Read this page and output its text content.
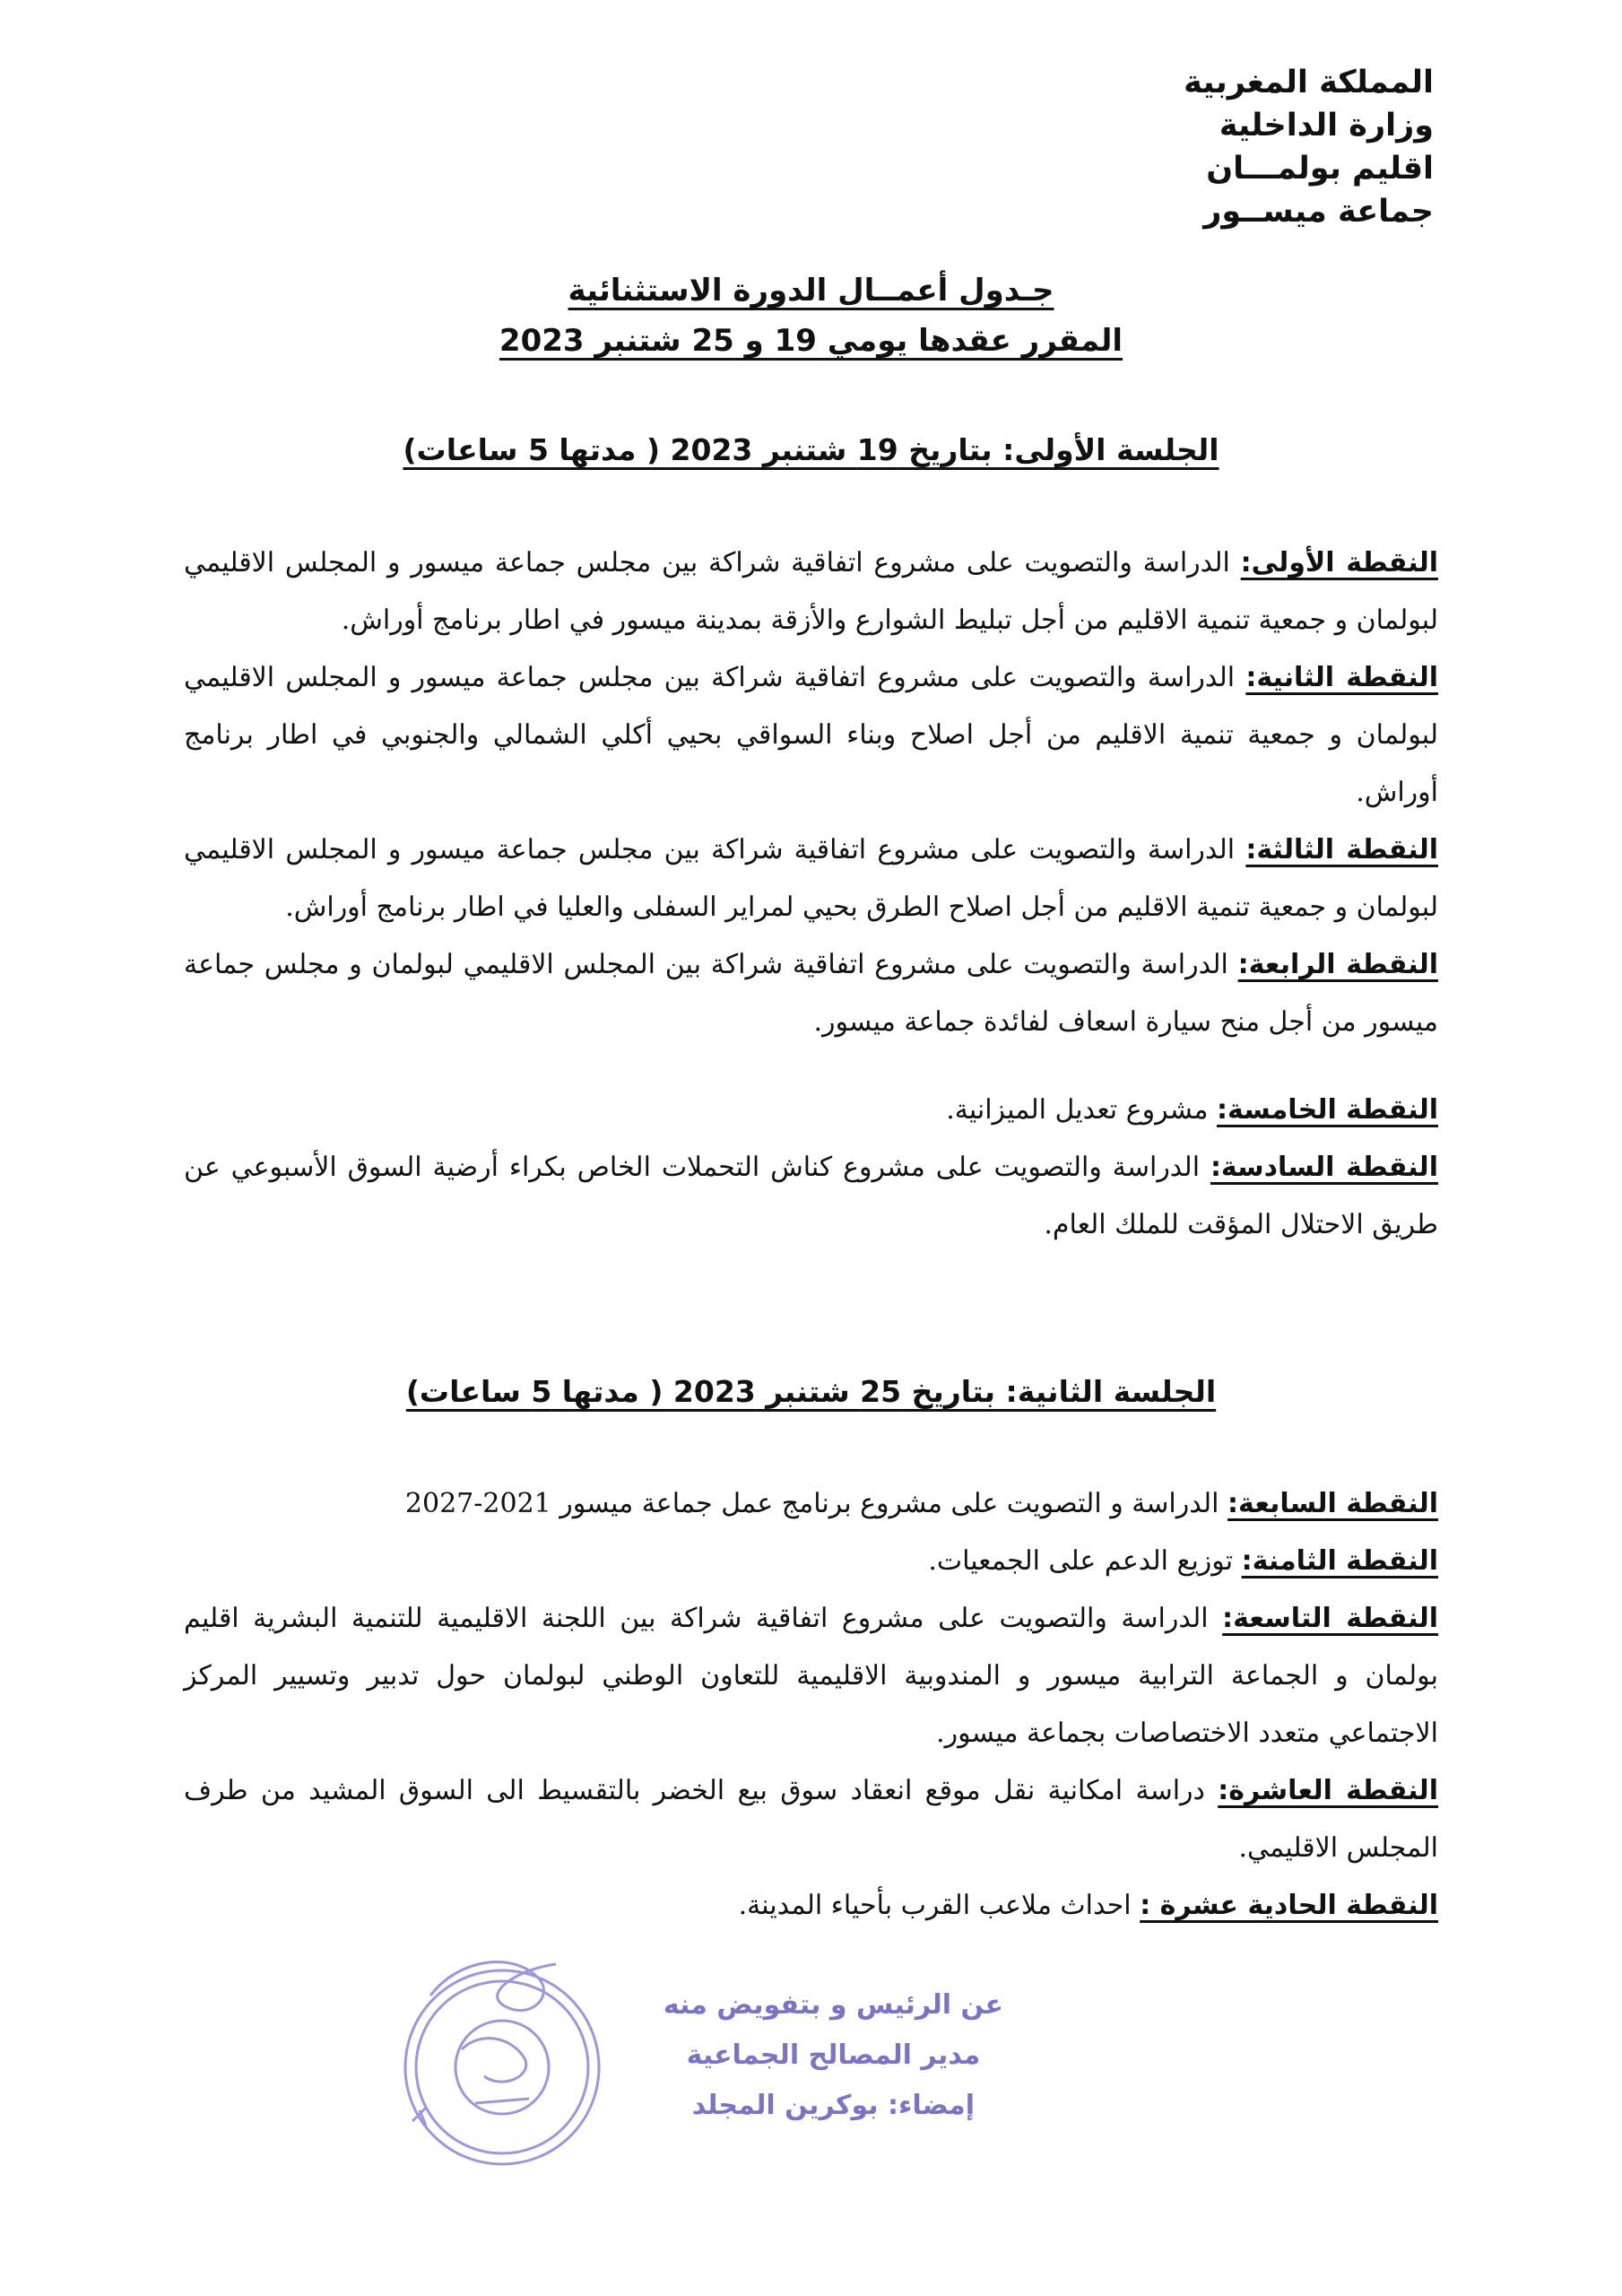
المملكة المغربية
وزارة الداخلية
اقليم بولمـــان
جماعة ميســور
جـدول أعمــال الدورة الاستثنائية
المقرر عقدها يومي 19 و 25 شتنبر 2023
الجلسة الأولى: بتاريخ 19 شتنبر 2023 ( مدتها 5 ساعات)

النقطة الأولى: الدراسة والتصويت على مشروع اتفاقية شراكة بين مجلس جماعة ميسور و المجلس الاقليمي لبولمان و جمعية تنمية الاقليم من أجل تبليط الشوارع والأزقة بمدينة ميسور في اطار برنامج أوراش.

النقطة الثانية: الدراسة والتصويت على مشروع اتفاقية شراكة بين مجلس جماعة ميسور و المجلس الاقليمي لبولمان و جمعية تنمية الاقليم من أجل اصلاح وبناء السواقي بحيي أكلي الشمالي والجنوبي في اطار برنامج أوراش.

النقطة الثالثة: الدراسة والتصويت على مشروع اتفاقية شراكة بين مجلس جماعة ميسور و المجلس الاقليمي لبولمان و جمعية تنمية الاقليم من أجل اصلاح الطرق بحيي لمراير السفلى والعليا في اطار برنامج أوراش.

النقطة الرابعة: الدراسة والتصويت على مشروع اتفاقية شراكة بين المجلس الاقليمي لبولمان و مجلس جماعة ميسور من أجل منح سيارة اسعاف لفائدة جماعة ميسور.

النقطة الخامسة: مشروع تعديل الميزانية.

النقطة السادسة: الدراسة والتصويت على مشروع كناش التحملات الخاص بكراء أرضية السوق الأسبوعي عن طريق الاحتلال المؤقت للملك العام.

الجلسة الثانية: بتاريخ 25 شتنبر 2023 ( مدتها 5 ساعات)

النقطة السابعة: الدراسة و التصويت على مشروع برنامج عمل جماعة ميسور 2021-2027

النقطة الثامنة: توزيع الدعم على الجمعيات.

النقطة التاسعة: الدراسة والتصويت على مشروع اتفاقية شراكة بين اللجنة الاقليمية للتنمية البشرية اقليم بولمان و الجماعة الترابية ميسور و المندوبية الاقليمية للتعاون الوطني لبولمان حول تدبير وتسيير المركز الاجتماعي متعدد الاختصاصات بجماعة ميسور.

النقطة العاشرة: دراسة امكانية نقل موقع انعقاد سوق بيع الخضر بالتقسيط الى السوق المشيد من طرف المجلس الاقليمي.

النقطة الحادية عشرة : احداث ملاعب القرب بأحياء المدينة.

عن الرئيس و بتفويض منه
مدير المصالح الجماعية
إمضاء: بوكرين المجلد
